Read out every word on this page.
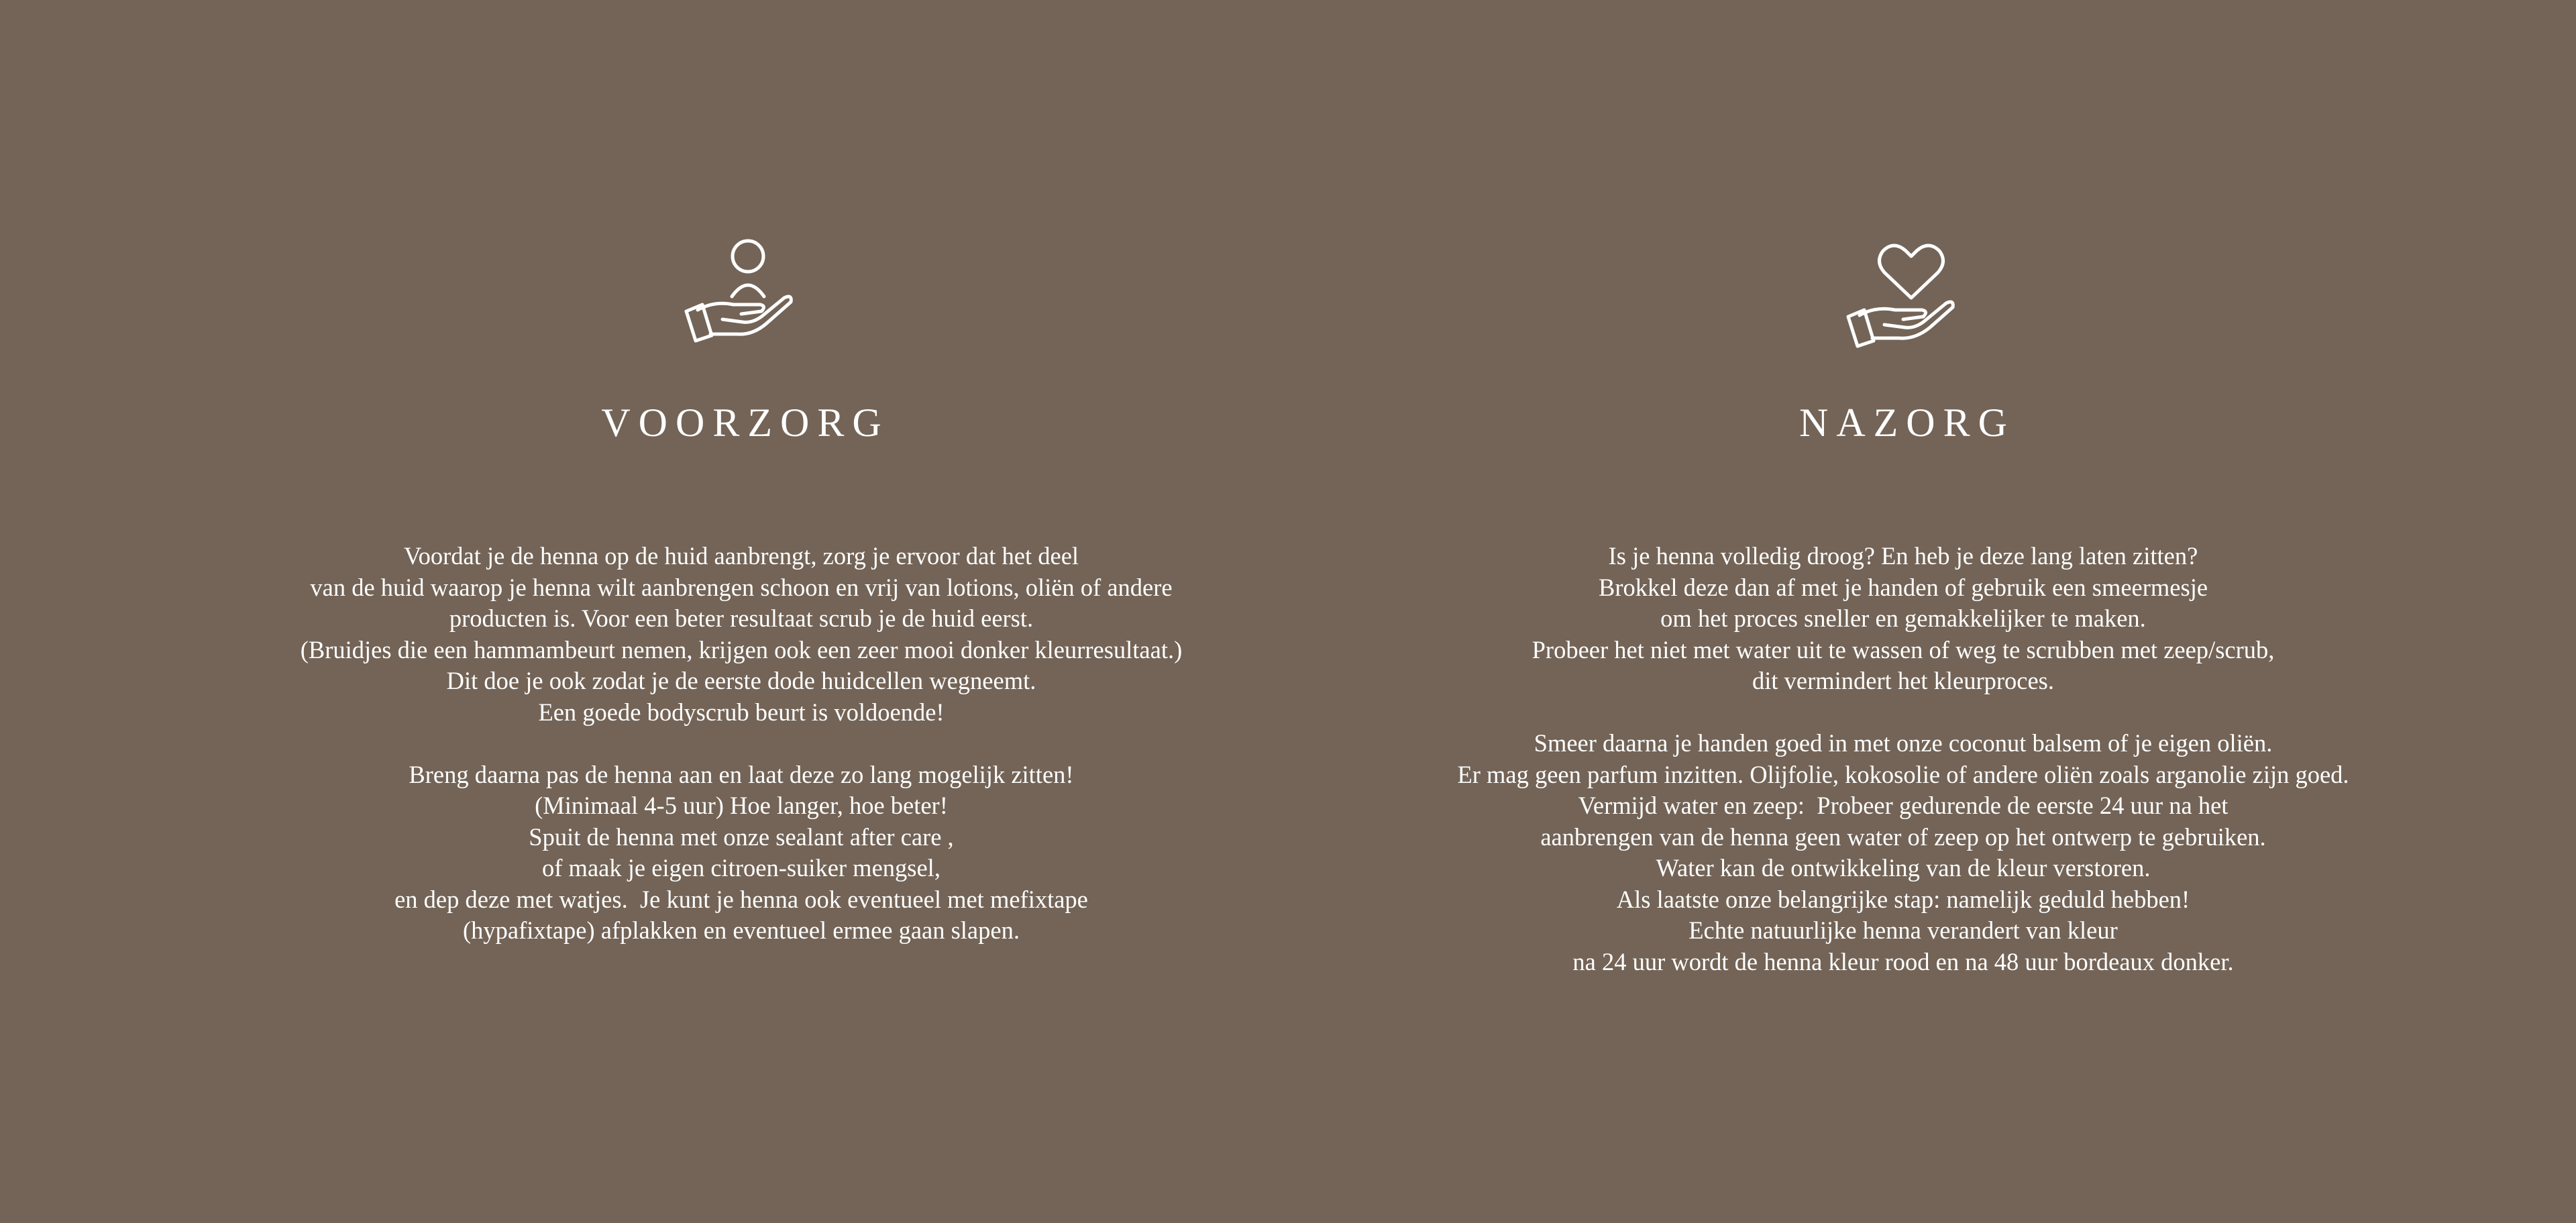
VOORZORG
Voordat je de henna op de huid aanbrengt, zorg je ervoor dat het deel
van de huid waarop je henna wilt aanbrengen schoon en vrij van lotions, oliën of andere
producten is. Voor een beter resultaat scrub je de huid eerst.
(Bruidjes die een hammambeurt nemen, krijgen ook een zeer mooi donker kleurresultaat.)
Dit doe je ook zodat je de eerste dode huidcellen wegneemt.
Een goede bodyscrub beurt is voldoende!
Breng daarna pas de henna aan en laat deze zo lang mogelijk zitten!
(Minimaal 4-5 uur) Hoe langer, hoe beter!
Spuit de henna met onze sealant after care ,
of maak je eigen citroen-suiker mengsel,
en dep deze met watjes.  Je kunt je henna ook eventueel met mefixtape
(hypafixtape) afplakken en eventueel ermee gaan slapen.
NAZORG
Is je henna volledig droog? En heb je deze lang laten zitten?
Brokkel deze dan af met je handen of gebruik een smeermesje
om het proces sneller en gemakkelijker te maken.
Probeer het niet met water uit te wassen of weg te scrubben met zeep/scrub,
dit vermindert het kleurproces.
Smeer daarna je handen goed in met onze coconut balsem of je eigen oliën.
Er mag geen parfum inzitten. Olijfolie, kokosolie of andere oliën zoals arganolie zijn goed.
Vermijd water en zeep:  Probeer gedurende de eerste 24 uur na het
aanbrengen van de henna geen water of zeep op het ontwerp te gebruiken.
Water kan de ontwikkeling van de kleur verstoren.
Als laatste onze belangrijke stap: namelijk geduld hebben!
Echte natuurlijke henna verandert van kleur
na 24 uur wordt de henna kleur rood en na 48 uur bordeaux donker.
